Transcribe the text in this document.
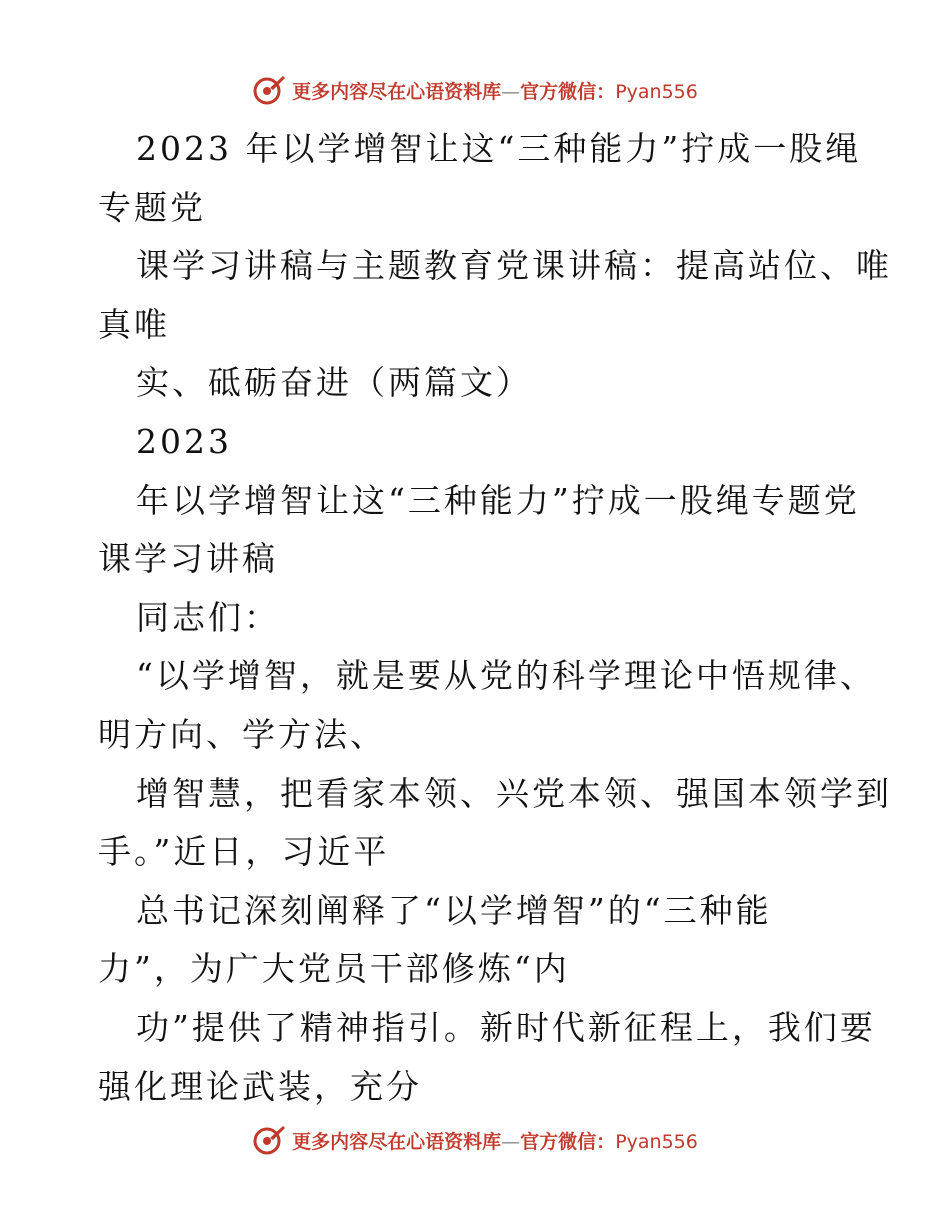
更多内容尽在心语资料库—官方微信：Pyan556
2023 年以学增智让这“三种能力”拧成一股绳
专题党
课学习讲稿与主题教育党课讲稿：提高站位、唯
真唯
实、砥砺奋进（两篇文）
2023
年以学增智让这“三种能力”拧成一股绳专题党
课学习讲稿
同志们：
“以学增智，就是要从党的科学理论中悟规律、
明方向、学方法、
增智慧，把看家本领、兴党本领、强国本领学到
手。”近日，习近平
总书记深刻阐释了“以学增智”的“三种能
力”，为广大党员干部修炼“内
功”提供了精神指引。新时代新征程上，我们要
强化理论武装，充分
更多内容尽在心语资料库—官方微信：Pyan556
